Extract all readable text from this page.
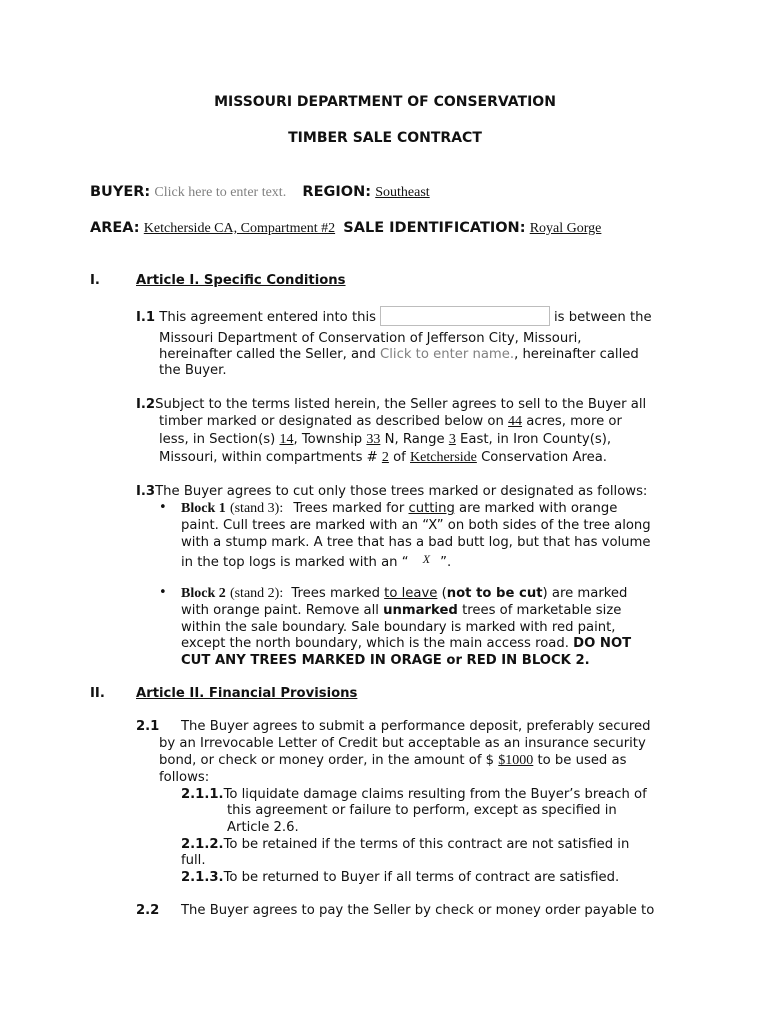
MISSOURI DEPARTMENT OF CONSERVATION
TIMBER SALE CONTRACT
BUYER: Click here to enter text. REGION: Southeast
AREA: Ketcherside CA, Compartment #2 SALE IDENTIFICATION: Royal Gorge
I.	Article I. Specific Conditions
I.1 This agreement entered into this	is between the
Missouri Department of Conservation of Jefferson City, Missouri,
hereinafter called the Seller, and Click to enter name., hereinafter called
the Buyer.
I.2Subject to the terms listed herein, the Seller agrees to sell to the Buyer all
timber marked or designated as described below on 44 acres, more or
less, in Section(s) 14, Township 33 N, Range 3 East, in Iron County(s),
Missouri, within compartments # 2 of Ketcherside Conservation Area.
I.3The Buyer agrees to cut only those trees marked or designated as follows:
• Block 1 (stand 3): Trees marked for cutting are marked with orange
paint. Cull trees are marked with an “X” on both sides of the tree along
with a stump mark. A tree that has a bad butt log, but that has volume
in the top logs is marked with an “ X ”.
• Block 2 (stand 2): Trees marked to leave (not to be cut) are marked
with orange paint. Remove all unmarked trees of marketable size
within the sale boundary. Sale boundary is marked with red paint,
except the north boundary, which is the main access road. DO NOT
CUT ANY TREES MARKED IN ORAGE or RED IN BLOCK 2.
II. Article II. Financial Provisions
2.1 The Buyer agrees to submit a performance deposit, preferably secured
by an Irrevocable Letter of Credit but acceptable as an insurance security
bond, or check or money order, in the amount of $ $1000 to be used as
follows:
2.1.1.To liquidate damage claims resulting from the Buyer’s breach of
this agreement or failure to perform, except as specified in
Article 2.6.
2.1.2.To be retained if the terms of this contract are not satisfied in
full.
2.1.3.To be returned to Buyer if all terms of contract are satisfied.
2.2 The Buyer agrees to pay the Seller by check or money order payable to
